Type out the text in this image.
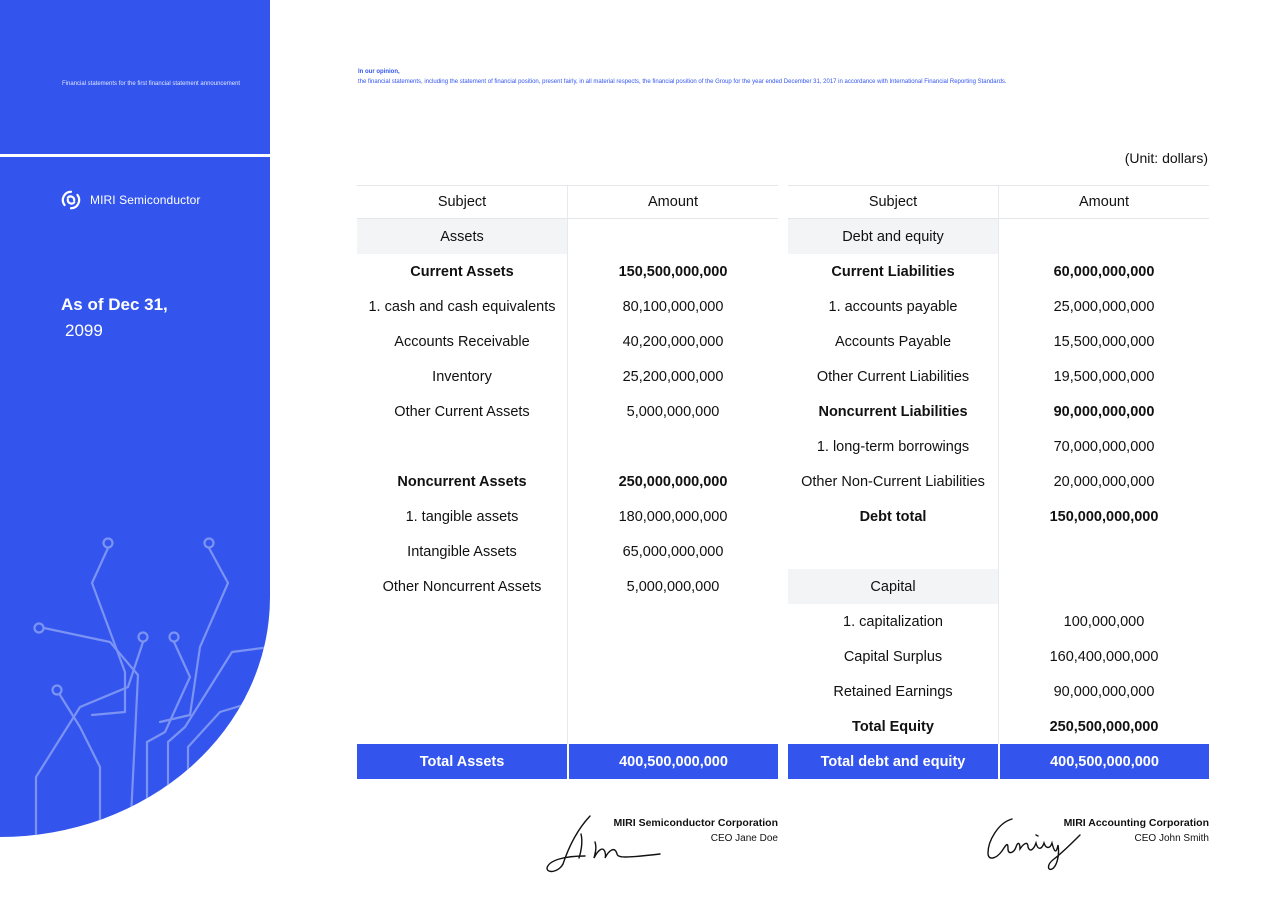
Financial statements for the first financial statement announcement
MIRI Semiconductor
As of Dec 31,
2099
In our opinion,
the financial statements, including the statement of financial position, present fairly, in all material respects, the financial position of the Group for the year ended December 31, 2017 in accordance with International Financial Reporting Standards.
(Unit: dollars)
Subject	Amount
Assets
Current Assets	150,500,000,000
1. cash and cash equivalents	80,100,000,000
Accounts Receivable	40,200,000,000
Inventory	25,200,000,000
Other Current Assets	5,000,000,000
Noncurrent Assets	250,000,000,000
1. tangible assets	180,000,000,000
Intangible Assets	65,000,000,000
Other Noncurrent Assets	5,000,000,000
Total Assets	400,500,000,000
Subject	Amount
Debt and equity
Current Liabilities	60,000,000,000
1. accounts payable	25,000,000,000
Accounts Payable	15,500,000,000
Other Current Liabilities	19,500,000,000
Noncurrent Liabilities	90,000,000,000
1. long-term borrowings	70,000,000,000
Other Non-Current Liabilities	20,000,000,000
Debt total	150,000,000,000
Capital
1. capitalization	100,000,000
Capital Surplus	160,400,000,000
Retained Earnings	90,000,000,000
Total Equity	250,500,000,000
Total debt and equity	400,500,000,000
MIRI Semiconductor Corporation
CEO Jane Doe
MIRI Accounting Corporation
CEO John Smith
